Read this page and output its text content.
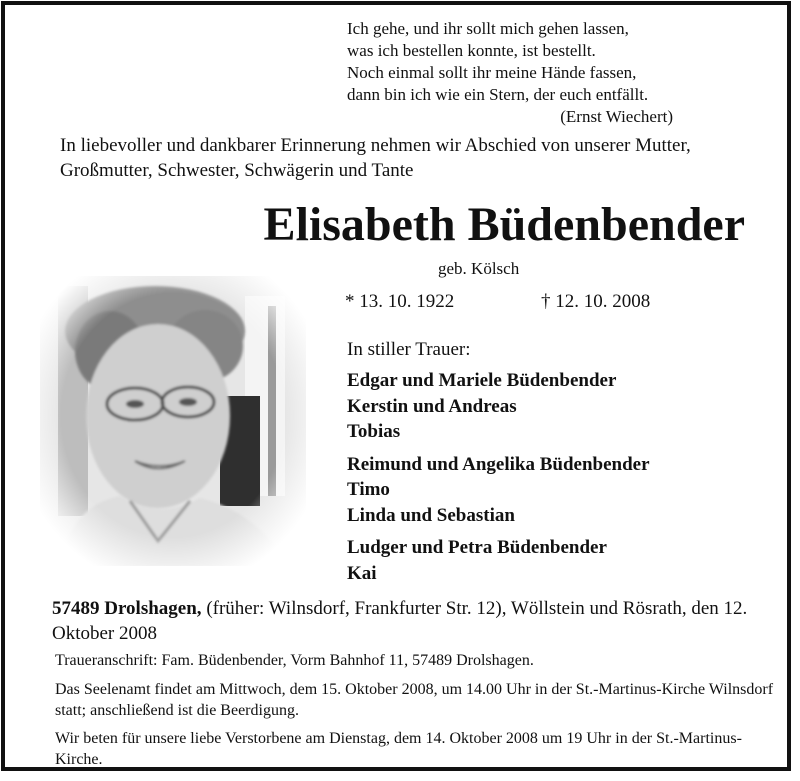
Ich gehe, und ihr sollt mich gehen lassen,
was ich bestellen konnte, ist bestellt.
Noch einmal sollt ihr meine Hände fassen,
dann bin ich wie ein Stern, der euch entfällt.
(Ernst Wiechert)
In liebevoller und dankbarer Erinnerung nehmen wir Abschied von unserer Mutter, Großmutter, Schwester, Schwägerin und Tante
Elisabeth Büdenbender
geb. Kölsch
* 13. 10. 1922	† 12. 10. 2008
In stiller Trauer:
Edgar und Mariele Büdenbender
Kerstin und Andreas
Tobias
Reimund und Angelika Büdenbender
Timo
Linda und Sebastian
Ludger und Petra Büdenbender
Kai
57489 Drolshagen, (früher: Wilnsdorf, Frankfurter Str. 12), Wöllstein und Rösrath, den 12. Oktober 2008
Traueranschrift: Fam. Büdenbender, Vorm Bahnhof 11, 57489 Drolshagen.
Das Seelenamt findet am Mittwoch, dem 15. Oktober 2008, um 14.00 Uhr in der St.-Martinus-Kirche Wilnsdorf statt; anschließend ist die Beerdigung.
Wir beten für unsere liebe Verstorbene am Dienstag, dem 14. Oktober 2008 um 19 Uhr in der St.-Martinus-Kirche.
